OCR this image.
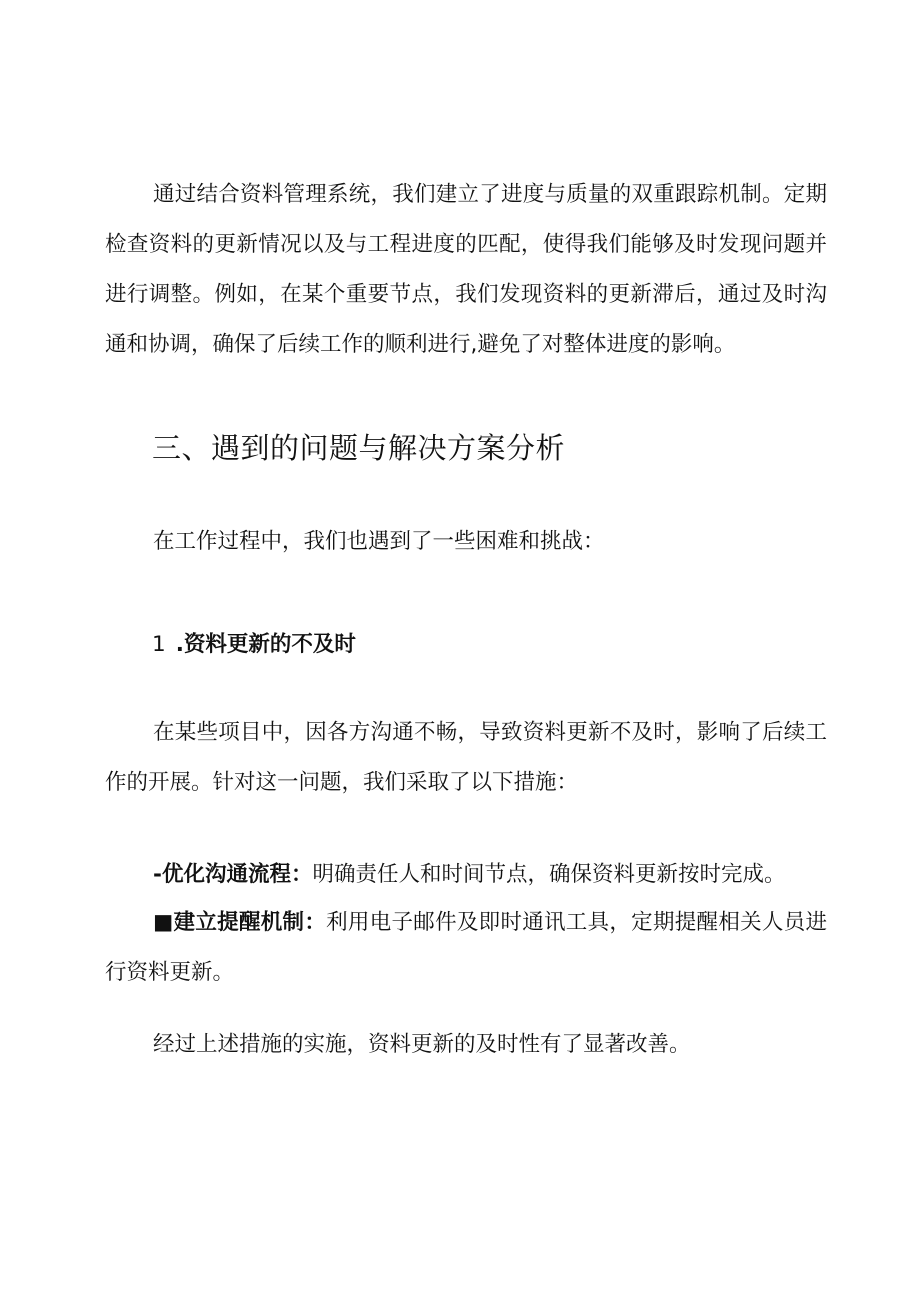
通过结合资料管理系统，我们建立了进度与质量的双重跟踪机制。定期检查资料的更新情况以及与工程进度的匹配，使得我们能够及时发现问题并进行调整。例如，在某个重要节点，我们发现资料的更新滞后，通过及时沟通和协调，确保了后续工作的顺利进行,避免了对整体进度的影响。

三、遇到的问题与解决方案分析

在工作过程中，我们也遇到了一些困难和挑战：

1 .资料更新的不及时

在某些项目中，因各方沟通不畅，导致资料更新不及时，影响了后续工作的开展。针对这一问题，我们采取了以下措施：

-优化沟通流程：明确责任人和时间节点，确保资料更新按时完成。

■建立提醒机制：利用电子邮件及即时通讯工具，定期提醒相关人员进行资料更新。

经过上述措施的实施，资料更新的及时性有了显著改善。
